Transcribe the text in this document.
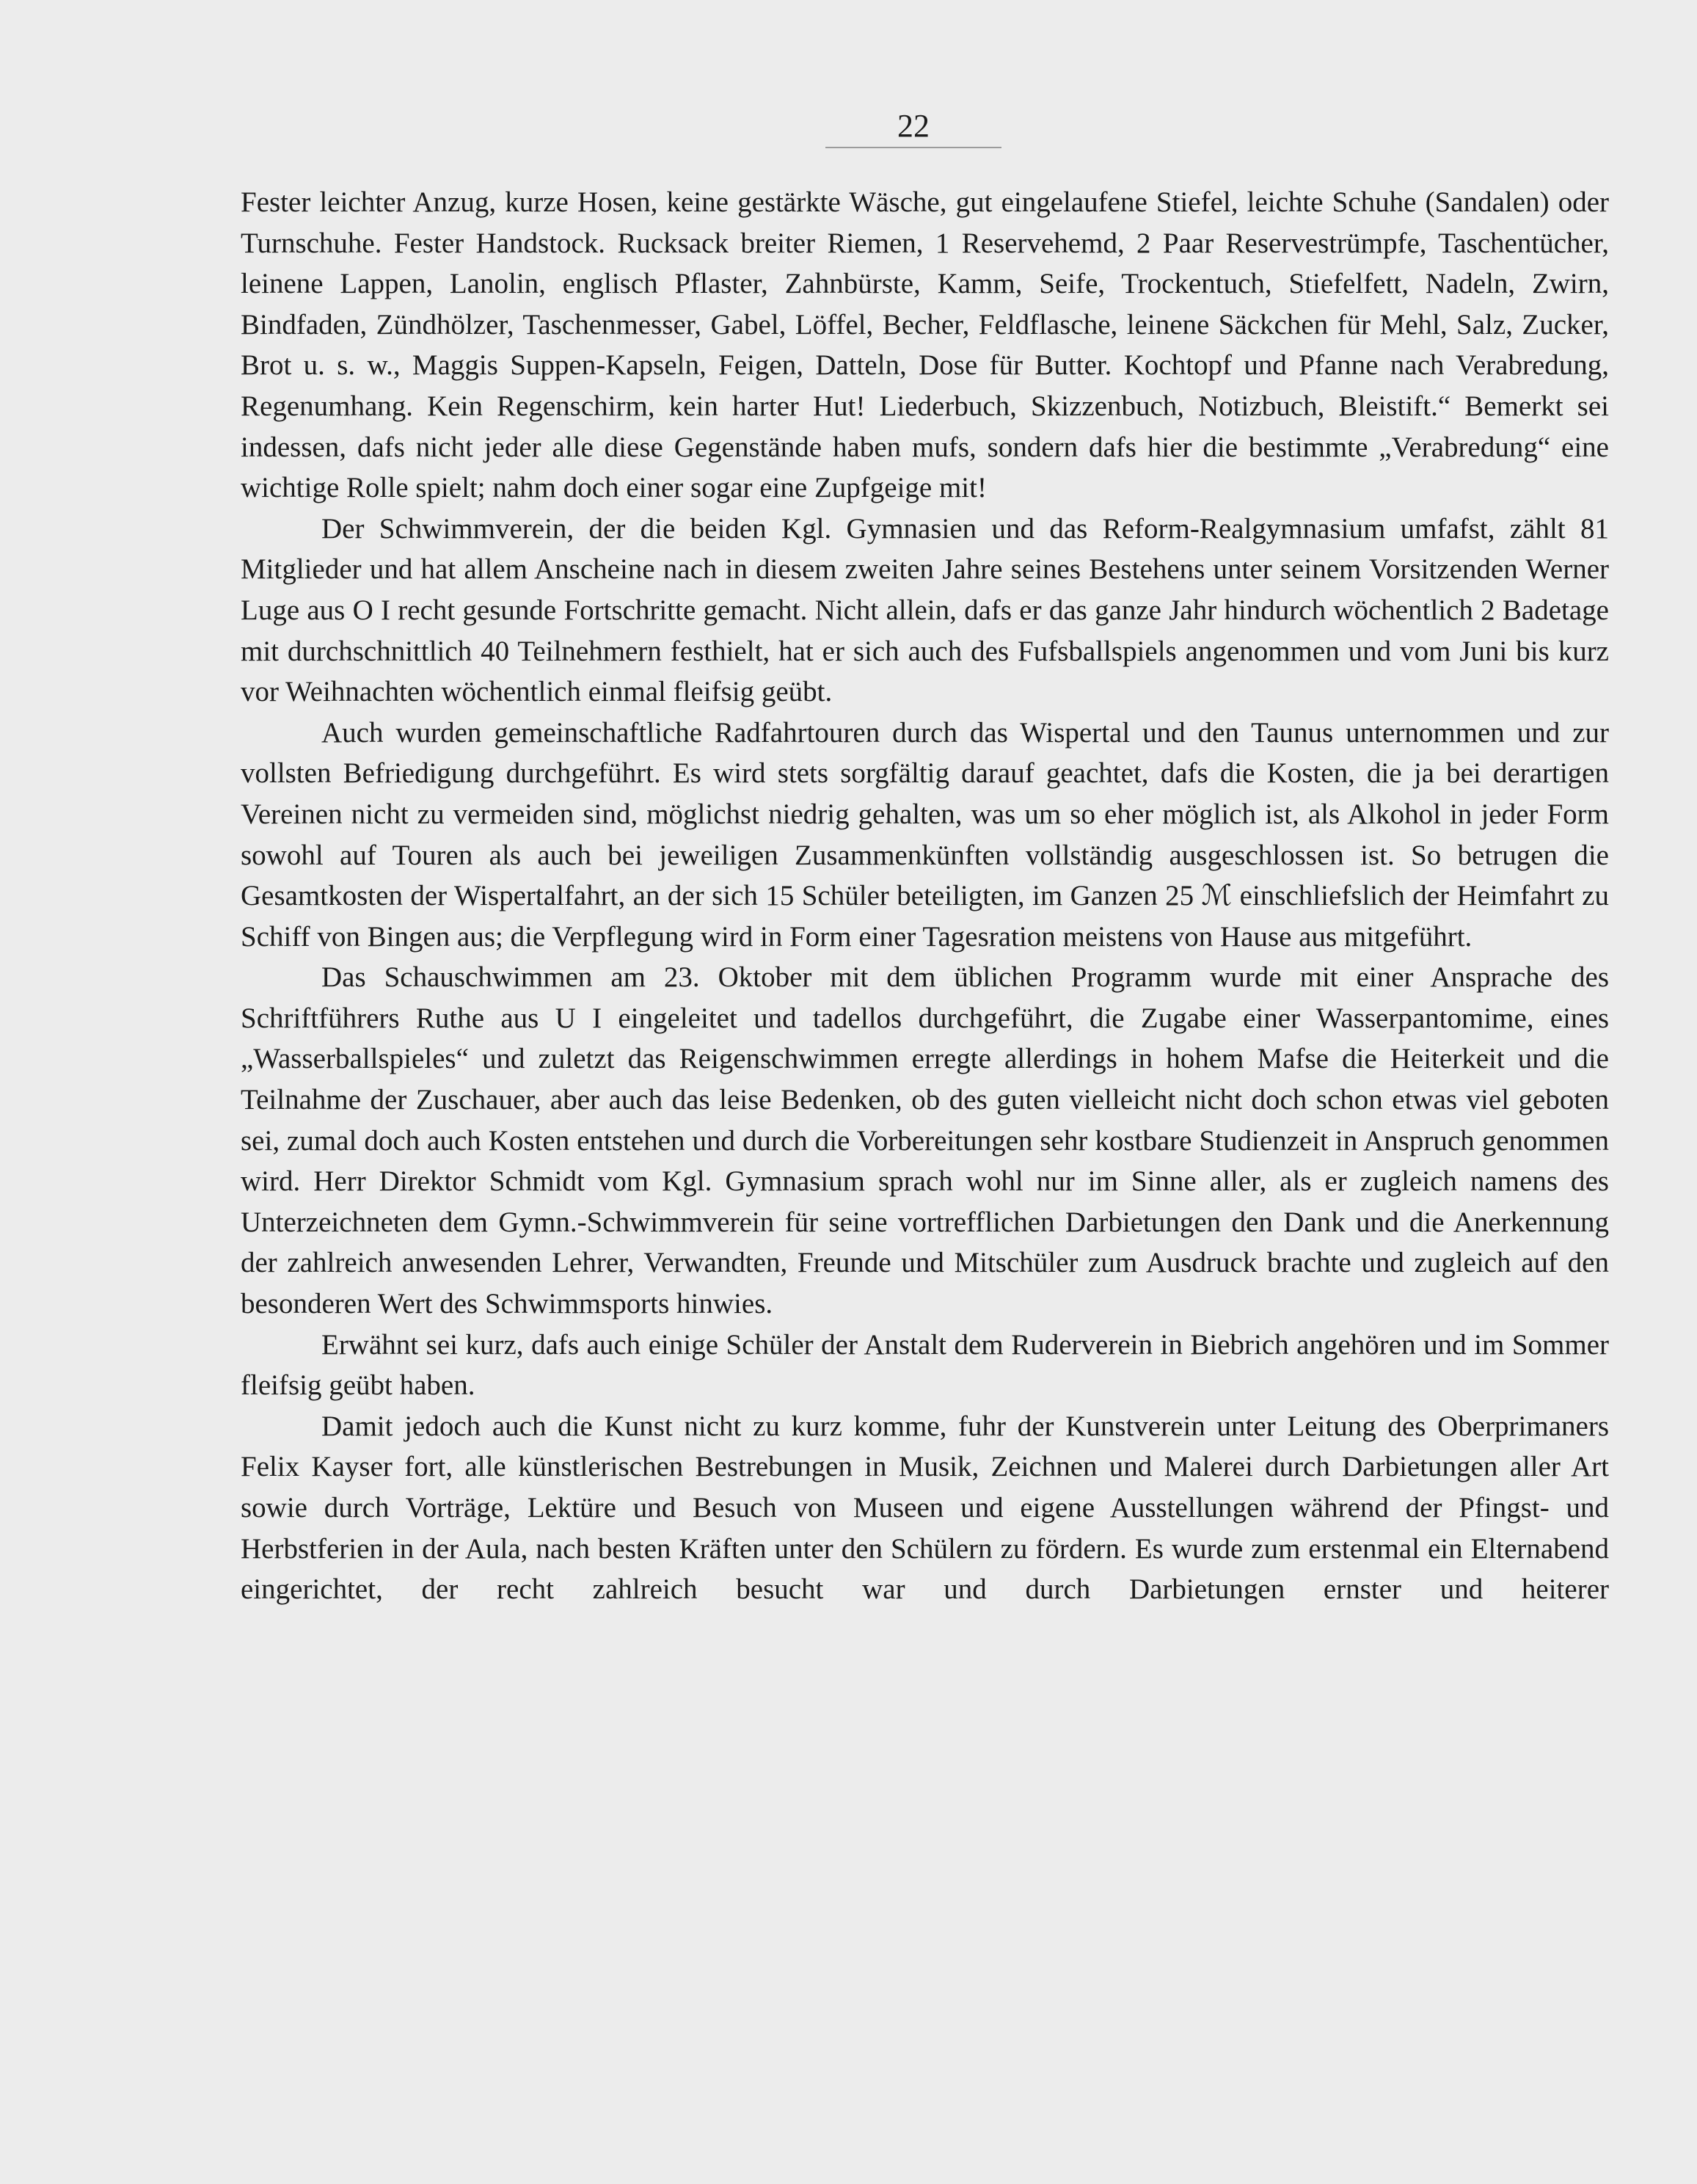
22

Fester leichter Anzug, kurze Hosen, keine gestärkte Wäsche, gut eingelaufene Stiefel, leichte Schuhe (Sandalen) oder Turnschuhe. Fester Handstock. Rucksack breiter Riemen, 1 Reservehemd, 2 Paar Reservestrümpfe, Taschentücher, leinene Lappen, Lanolin, englisch Pflaster, Zahnbürste, Kamm, Seife, Trockentuch, Stiefelfett, Nadeln, Zwirn, Bindfaden, Zündhölzer, Taschenmesser, Gabel, Löffel, Becher, Feldflasche, leinene Säckchen für Mehl, Salz, Zucker, Brot u. s. w., Maggis Suppen-Kapseln, Feigen, Datteln, Dose für Butter. Kochtopf und Pfanne nach Verabredung, Regenumhang. Kein Regenschirm, kein harter Hut! Liederbuch, Skizzenbuch, Notizbuch, Bleistift.“ Bemerkt sei indessen, dafs nicht jeder alle diese Gegenstände haben mufs, sondern dafs hier die bestimmte „Verabredung“ eine wichtige Rolle spielt; nahm doch einer sogar eine Zupfgeige mit!

Der Schwimmverein, der die beiden Kgl. Gymnasien und das Reform-Realgymnasium umfafst, zählt 81 Mitglieder und hat allem Anscheine nach in diesem zweiten Jahre seines Bestehens unter seinem Vorsitzenden Werner Luge aus O I recht gesunde Fortschritte gemacht. Nicht allein, dafs er das ganze Jahr hindurch wöchentlich 2 Badetage mit durchschnittlich 40 Teilnehmern festhielt, hat er sich auch des Fufsballspiels angenommen und vom Juni bis kurz vor Weihnachten wöchentlich einmal fleifsig geübt.

Auch wurden gemeinschaftliche Radfahrtouren durch das Wispertal und den Taunus unternommen und zur vollsten Befriedigung durchgeführt. Es wird stets sorgfältig darauf geachtet, dafs die Kosten, die ja bei derartigen Vereinen nicht zu vermeiden sind, möglichst niedrig gehalten, was um so eher möglich ist, als Alkohol in jeder Form sowohl auf Touren als auch bei jeweiligen Zusammenkünften vollständig ausgeschlossen ist. So betrugen die Gesamtkosten der Wispertalfahrt, an der sich 15 Schüler beteiligten, im Ganzen 25 ℳ einschliefslich der Heimfahrt zu Schiff von Bingen aus; die Verpflegung wird in Form einer Tagesration meistens von Hause aus mitgeführt.

Das Schauschwimmen am 23. Oktober mit dem üblichen Programm wurde mit einer Ansprache des Schriftführers Ruthe aus U I eingeleitet und tadellos durchgeführt, die Zugabe einer Wasserpantomime, eines „Wasserballspieles“ und zuletzt das Reigenschwimmen erregte allerdings in hohem Mafse die Heiterkeit und die Teilnahme der Zuschauer, aber auch das leise Bedenken, ob des guten vielleicht nicht doch schon etwas viel geboten sei, zumal doch auch Kosten entstehen und durch die Vorbereitungen sehr kostbare Studienzeit in Anspruch genommen wird. Herr Direktor Schmidt vom Kgl. Gymnasium sprach wohl nur im Sinne aller, als er zugleich namens des Unterzeichneten dem Gymn.-Schwimmverein für seine vortrefflichen Darbietungen den Dank und die Anerkennung der zahlreich anwesenden Lehrer, Verwandten, Freunde und Mitschüler zum Ausdruck brachte und zugleich auf den besonderen Wert des Schwimmsports hinwies.

Erwähnt sei kurz, dafs auch einige Schüler der Anstalt dem Ruderverein in Biebrich angehören und im Sommer fleifsig geübt haben.

Damit jedoch auch die Kunst nicht zu kurz komme, fuhr der Kunstverein unter Leitung des Oberprimaners Felix Kayser fort, alle künstlerischen Bestrebungen in Musik, Zeichnen und Malerei durch Darbietungen aller Art sowie durch Vorträge, Lektüre und Besuch von Museen und eigene Ausstellungen während der Pfingst- und Herbstferien in der Aula, nach besten Kräften unter den Schülern zu fördern. Es wurde zum erstenmal ein Elternabend eingerichtet, der recht zahlreich besucht war und durch Darbietungen ernster und heiterer
